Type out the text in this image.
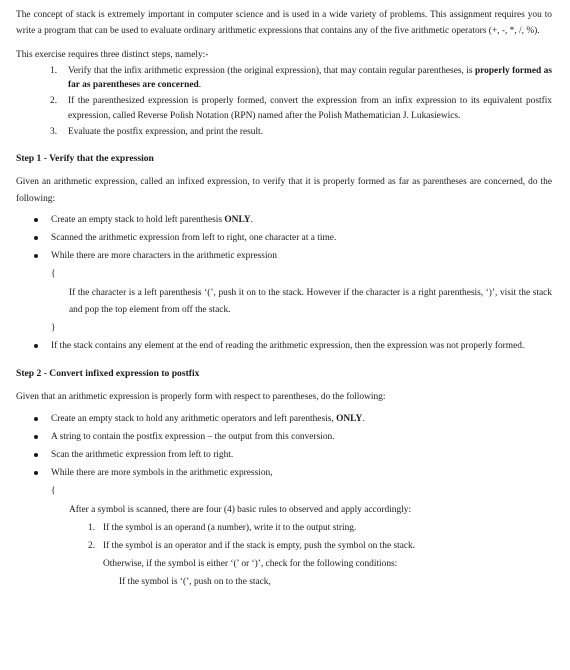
The concept of stack is extremely important in computer science and is used in a wide variety of problems. This assignment requires you to write a program that can be used to evaluate ordinary arithmetic expressions that contains any of the five arithmetic operators (+, -, *, /, %).

This exercise requires three distinct steps, namely:-

1. Verify that the infix arithmetic expression (the original expression), that may contain regular parentheses, is properly formed as far as parentheses are concerned.
2. If the parenthesized expression is properly formed, convert the expression from an infix expression to its equivalent postfix expression, called Reverse Polish Notation (RPN) named after the Polish Mathematician J. Lukasiewics.
3. Evaluate the postfix expression, and print the result.
Step 1 - Verify that the expression

Given an arithmetic expression, called an infixed expression, to verify that it is properly formed as far as parentheses are concerned, do the following:

Create an empty stack to hold left parenthesis ONLY.
Scanned the arithmetic expression from left to right, one character at a time.
While there are more characters in the arithmetic expression

{

If the character is a left parenthesis ‘(’, push it on to the stack. However if the character is a right parenthesis, ‘)’, visit the stack and pop the top element from off the stack.

}

If the stack contains any element at the end of reading the arithmetic expression, then the expression was not properly formed.
Step 2 - Convert infixed expression to postfix

Given that an arithmetic expression is properly form with respect to parentheses, do the following:

Create an empty stack to hold any arithmetic operators and left parenthesis, ONLY.
A string to contain the postfix expression – the output from this conversion.
Scan the arithmetic expression from left to right.
While there are more symbols in the arithmetic expression,

{

After a symbol is scanned, there are four (4) basic rules to observed and apply accordingly:

1. If the symbol is an operand (a number), write it to the output string.
2. If the symbol is an operator and if the stack is empty, push the symbol on the stack.

Otherwise, if the symbol is either ‘(’ or ‘)’, check for the following conditions:

If the symbol is ‘(’, push on to the stack,
